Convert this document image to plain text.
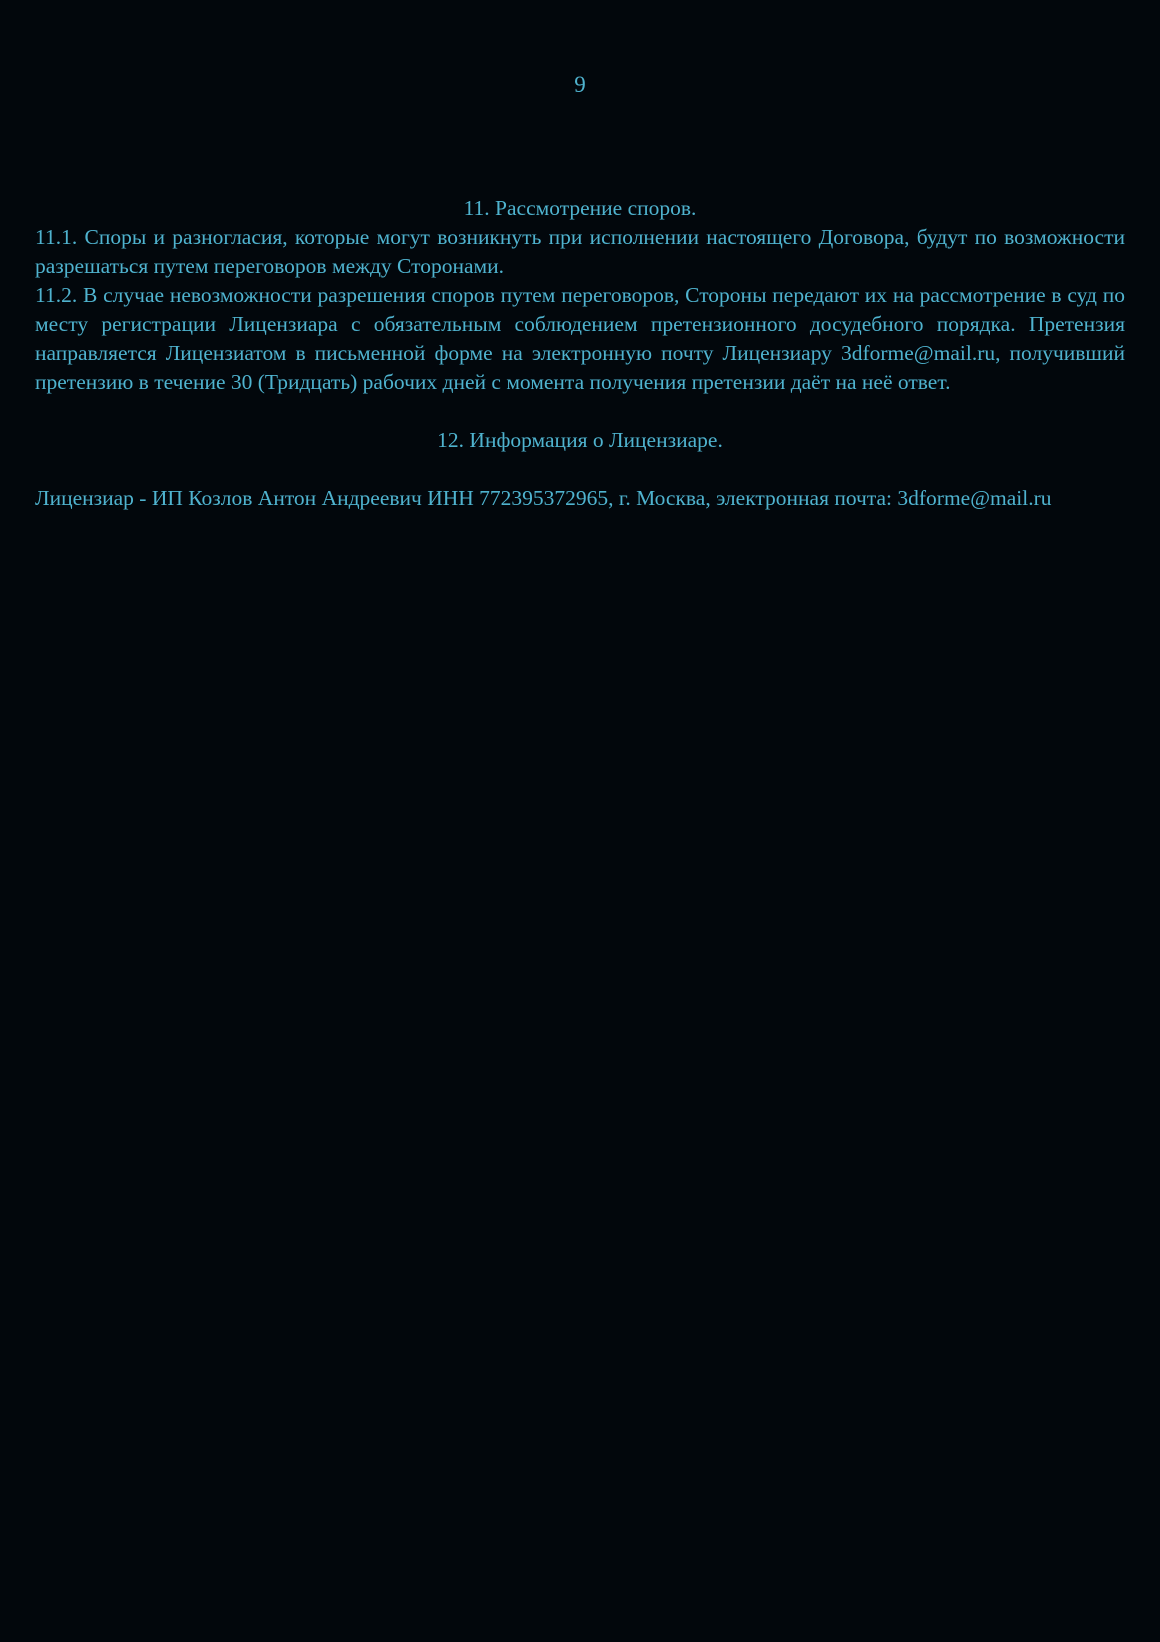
9
11. Рассмотрение споров.

11.1. Споры и разногласия, которые могут возникнуть при исполнении настоящего Договора, будут по возможности разрешаться путем переговоров между Сторонами.

11.2. В случае невозможности разрешения споров путем переговоров, Стороны передают их на рассмотрение в суд по месту регистрации Лицензиара с обязательным соблюдением претензионного досудебного порядка. Претензия направляется Лицензиатом в письменной форме на электронную почту Лицензиару 3dforme@mail.ru, получивший претензию в течение 30 (Тридцать) рабочих дней с момента получения претензии даёт на неё ответ.

12. Информация о Лицензиаре.

Лицензиар - ИП Козлов Антон Андреевич ИНН 772395372965, г. Москва, электронная почта: 3dforme@mail.ru
